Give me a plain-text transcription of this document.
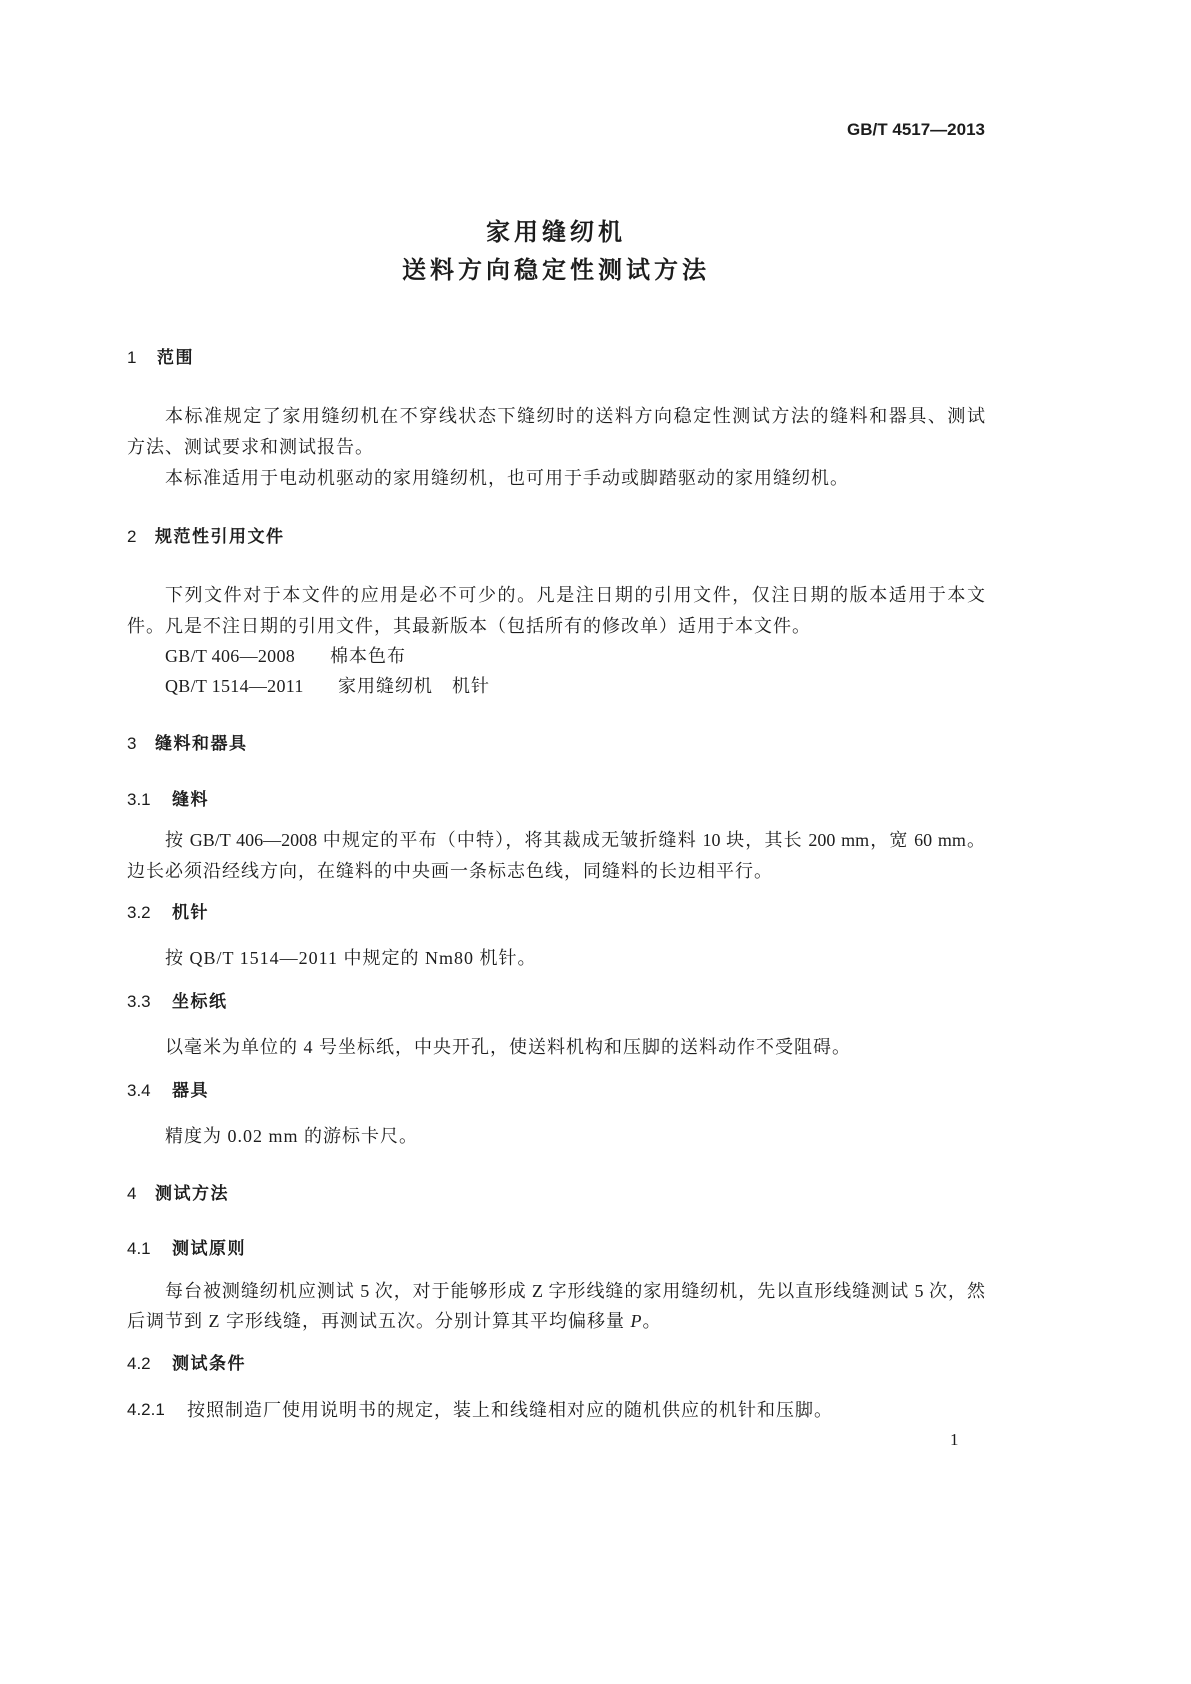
GB/T 4517—2013
家用缝纫机
送料方向稳定性测试方法
1 范围
本标准规定了家用缝纫机在不穿线状态下缝纫时的送料方向稳定性测试方法的缝料和器具、测试
方法、测试要求和测试报告。
本标准适用于电动机驱动的家用缝纫机，也可用于手动或脚踏驱动的家用缝纫机。
2 规范性引用文件
下列文件对于本文件的应用是必不可少的。凡是注日期的引用文件，仅注日期的版本适用于本文
件。凡是不注日期的引用文件，其最新版本（包括所有的修改单）适用于本文件。
GB/T 406—2008 棉本色布
QB/T 1514—2011 家用缝纫机　机针
3 缝料和器具
3.1 缝料
按 GB/T 406—2008 中规定的平布（中特），将其裁成无皱折缝料 10 块，其长 200 mm，宽 60 mm。
边长必须沿经线方向，在缝料的中央画一条标志色线，同缝料的长边相平行。
3.2 机针
按 QB/T 1514—2011 中规定的 Nm80 机针。
3.3 坐标纸
以毫米为单位的 4 号坐标纸，中央开孔，使送料机构和压脚的送料动作不受阻碍。
3.4 器具
精度为 0.02 mm 的游标卡尺。
4 测试方法
4.1 测试原则
每台被测缝纫机应测试 5 次，对于能够形成 Z 字形线缝的家用缝纫机，先以直形线缝测试 5 次，然
后调节到 Z 字形线缝，再测试五次。分别计算其平均偏移量 P。
4.2 测试条件
4.2.1 按照制造厂使用说明书的规定，装上和线缝相对应的随机供应的机针和压脚。
1
